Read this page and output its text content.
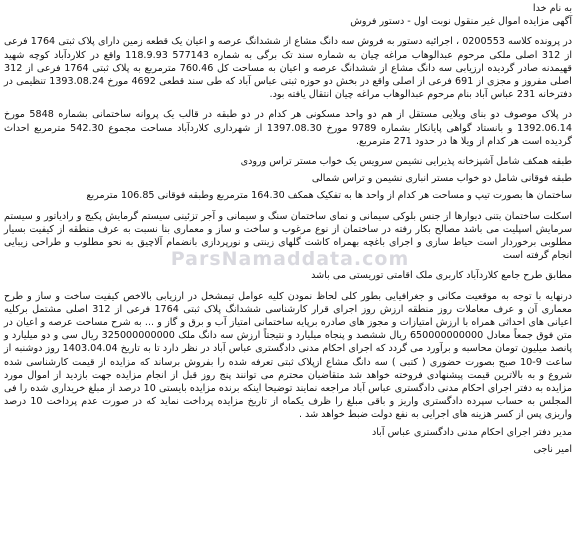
به نام خدا

آگهی مزایده اموال غیر منقول نوبت اول - دستور فروش

در پرونده کلاسه 0200553 ، اجرائیه دستور به فروش سه دانگ مشاع از ششدانگ عرصه و اعیان یک قطعه زمین دارای پلاک ثبتی 1764 فرعی از 312 اصلی ملکی مرحوم عبدالوهاب مراغه چیان به شماره سند تک برگی به شماره 577143 118.9.93 واقع در کلاردآباد کوچه شهید قهیمدنه صادر گردیده ارزیابی سه دانگ مشاع از ششدانگ عرصه و اعیان به مساحت کل 760.46 مترمربع به پلاک ثبتی 1764 فرعی از 312 اصلی مفروز و مجزی از 691 فرعی از اصلی واقع در بخش دو حوزه ثبتی عباس آباد که طی سند قطعی 4692 مورخ 1393.08.24 تنظیمی در دفترخانه 231 عباس آباد بنام مرحوم عبدالوهاب مراغه چیان انتقال یافته بود.

در پلاک موصوف دو بنای ویلایی مستقل از هم دو واحد مسکونی هر کدام در دو طبقه در قالب یک پروانه ساختمانی بشماره 5848 مورخ 1392.06.14 و بانستاد گواهی پایانکار بشماره 9789 مورخ 1397.08.30 از شهرداری کلاردآباد مساحت مجموع 542.30 مترمربع احداث گردیده است هر کدام از ویلا ها در حدود 271 مترمربع.

طبقه همکف شامل آشپزخانه پذیرایی نشیمن سرویس یک خواب مستر تراس ورودی

طبقه فوقانی شامل دو خواب مستر انباری نشیمن و تراس شمالی

ساختمان ها بصورت تیپ و مساحت هر کدام از واحد ها به تفکیک همکف 164.30 مترمربع وطبقه فوقانی 106.85 مترمربع

اسکلت ساختمان بتنی دیوارها از جنس بلوکی سیمانی و نمای ساختمان سنگ و سیمانی و آجر تزئینی سیستم گرمایش پکیج و رادیاتور و سیستم سرمایش اسپلیت می باشد مصالح بکار رفته در ساختمان از نوع مرغوب و ساخت و ساز و معماری بنا نسبت به عرف منطقه از کیفیت بسیار مطلوبی برخوردار است حیاط سازی و اجرای باغچه بهمراه کاشت گلهای زینتی و نورپردازی بانضمام آلاچیق به نحو مطلوب و طراحی زیبایی انجام گرفته است

مطابق طرح جامع کلاردآباد کاربری ملک اقامتی توریستی می باشد

درنهایه با توجه به موقعیت مکانی و جغرافیایی بطور کلی لحاظ نمودن کلیه عوامل تیمشخل در ارزیابی بالاخص کیفیت ساخت و ساز و طرح معماری آن و عرف معاملات روز منطقه ارزش روز اجرای قرار کارشناسی ششدانگ پلاک ثبتی 1764 فرعی از 312 اصلی مشتمل برکلیه اعیانی های احداثی همراه با ارزش امتیازات و مجوز های صادره برپایه ساختمانی امتیاز آب و برق و گاز و ... به شرح مساحت عرصه و اعیان در متن فوق جمعاً معادل 650000000000 ریال ششصد و پنجاه میلیارد و نتیجتاً ارزش سه دانگ ملک 325000000000 ریال سی و دو میلیارد و پانصد میلیون تومان محاسبه و برآورد می گردد که اجرای احکام مدنی دادگستری عباس آباد در نظر دارد تا به تاریخ 1403.04.04 روز دوشنبه از ساعت 9-10 صبح بصورت حضوری ( کتبی ) سه دانگ مشاع ازپلاک ثبتی تعرفه شده را بفروش برساند که مزایده از قیمت کارشناسی شده شروع و به بالاترین قیمت پیشنهادی فروخته خواهد شد متقاضیان محترم می توانند پنج روز قبل از انجام مزایده جهت بازدید از اموال مورد مزایده به دفتر اجرای احکام مدنی دادگستری عباس آباد مراجعه نمایند توضیحا اینکه برنده مزایده بایستی 10 درصد از مبلغ خریداری شده را فی المجلس به حساب سپرده دادگستری واریز و باقی مبلغ را ظرف یکماه از تاریخ مزایده پرداخت نماید که در صورت عدم پرداخت 10 درصد واریزی پس از کسر هزینه های اجرایی به نفع دولت ضبط خواهد شد .

مدیر دفتر اجرای احکام مدنی دادگستری عباس آباد

امیر ناجی

ParsNamaddata.com
